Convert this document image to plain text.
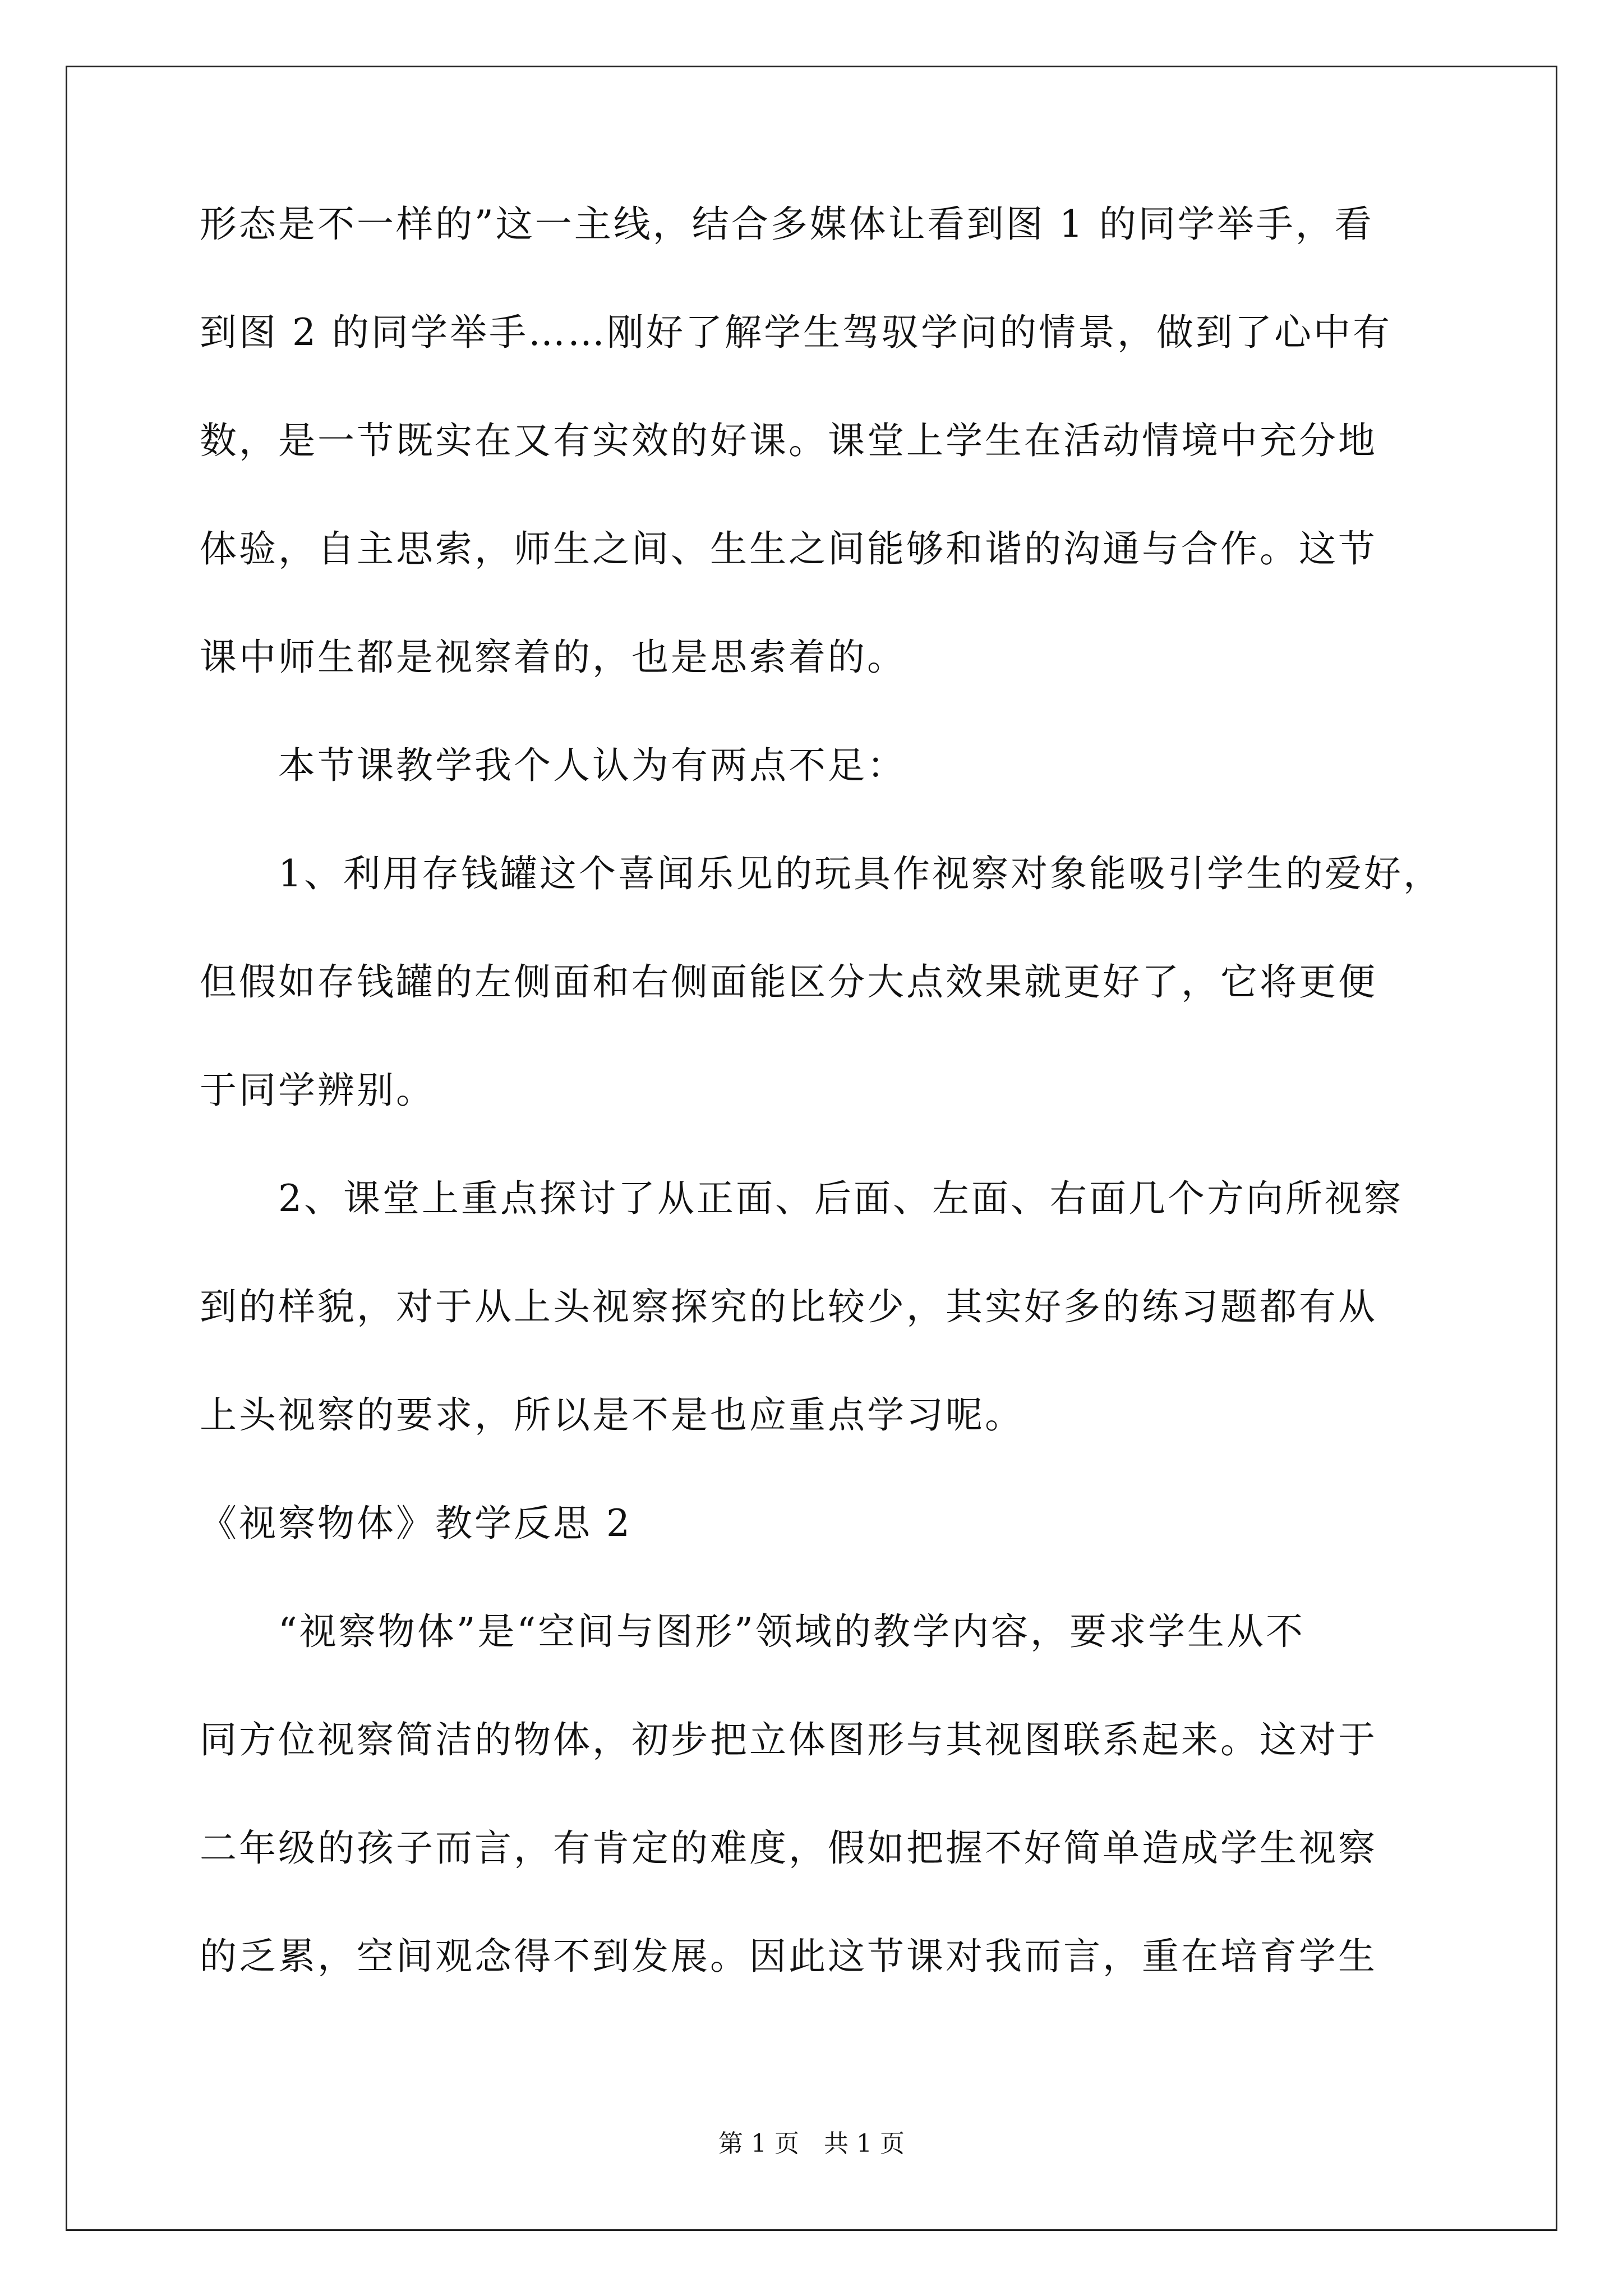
形态是不一样的”这一主线，结合多媒体让看到图 1 的同学举手，看
到图 2 的同学举手……刚好了解学生驾驭学问的情景，做到了心中有
数，是一节既实在又有实效的好课。课堂上学生在活动情境中充分地
体验，自主思索，师生之间、生生之间能够和谐的沟通与合作。这节
课中师生都是视察着的，也是思索着的。
本节课教学我个人认为有两点不足：
1、利用存钱罐这个喜闻乐见的玩具作视察对象能吸引学生的爱好，
但假如存钱罐的左侧面和右侧面能区分大点效果就更好了，它将更便
于同学辨别。
2、课堂上重点探讨了从正面、后面、左面、右面几个方向所视察
到的样貌，对于从上头视察探究的比较少，其实好多的练习题都有从
上头视察的要求，所以是不是也应重点学习呢。
《视察物体》教学反思 2
“视察物体”是“空间与图形”领域的教学内容，要求学生从不
同方位视察简洁的物体，初步把立体图形与其视图联系起来。这对于
二年级的孩子而言，有肯定的难度，假如把握不好简单造成学生视察
的乏累，空间观念得不到发展。因此这节课对我而言，重在培育学生
第 1 页　共 1 页
